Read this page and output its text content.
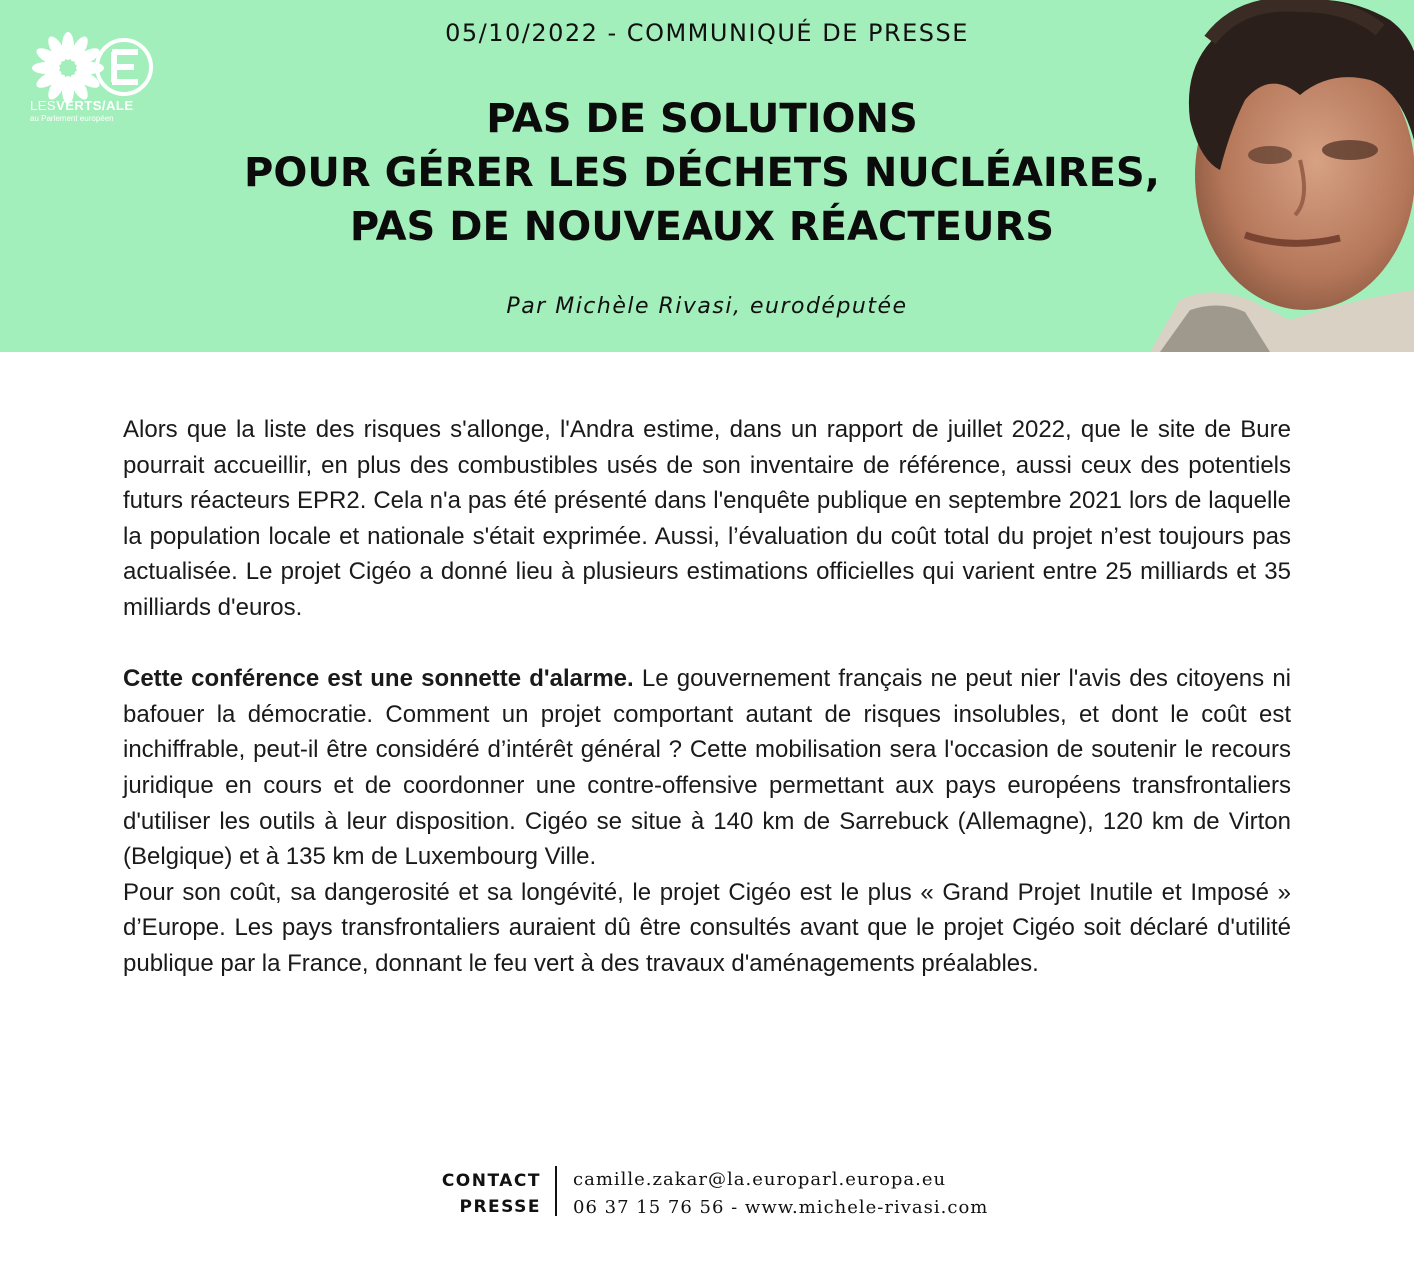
LESVERTS/ALE
au Parlement européen
05/10/2022 - COMMUNIQUÉ DE PRESSE
PAS DE SOLUTIONS
POUR GÉRER LES DÉCHETS NUCLÉAIRES,
PAS DE NOUVEAUX RÉACTEURS
Par Michèle Rivasi, eurodéputée

Alors que la liste des risques s'allonge, l'Andra estime, dans un rapport de juillet 2022, que le site de Bure pourrait accueillir, en plus des combustibles usés de son inventaire de référence, aussi ceux des potentiels futurs réacteurs EPR2. Cela n'a pas été présenté dans l'enquête publique en septembre 2021 lors de laquelle la population locale et nationale s'était exprimée. Aussi, l’évaluation du coût total du projet n’est toujours pas actualisée. Le projet Cigéo a donné lieu à plusieurs estimations officielles qui varient entre 25 milliards et 35 milliards d'euros.

Cette conférence est une sonnette d'alarme. Le gouvernement français ne peut nier l'avis des citoyens ni bafouer la démocratie. Comment un projet comportant autant de risques insolubles, et dont le coût est inchiffrable, peut-il être considéré d’intérêt général ? Cette mobilisation sera l'occasion de soutenir le recours juridique en cours et de coordonner une contre-offensive permettant aux pays européens transfrontaliers d'utiliser les outils à leur disposition. Cigéo se situe à 140 km de Sarrebuck (Allemagne), 120 km de Virton (Belgique) et à 135 km de Luxembourg Ville.

Pour son coût, sa dangerosité et sa longévité, le projet Cigéo est le plus « Grand Projet Inutile et Imposé » d’Europe. Les pays transfrontaliers auraient dû être consultés avant que le projet Cigéo soit déclaré d'utilité publique par la France, donnant le feu vert à des travaux d'aménagements préalables.

CONTACT
PRESSE
camille.zakar@la.europarl.europa.eu
06 37 15 76 56 - www.michele-rivasi.com
